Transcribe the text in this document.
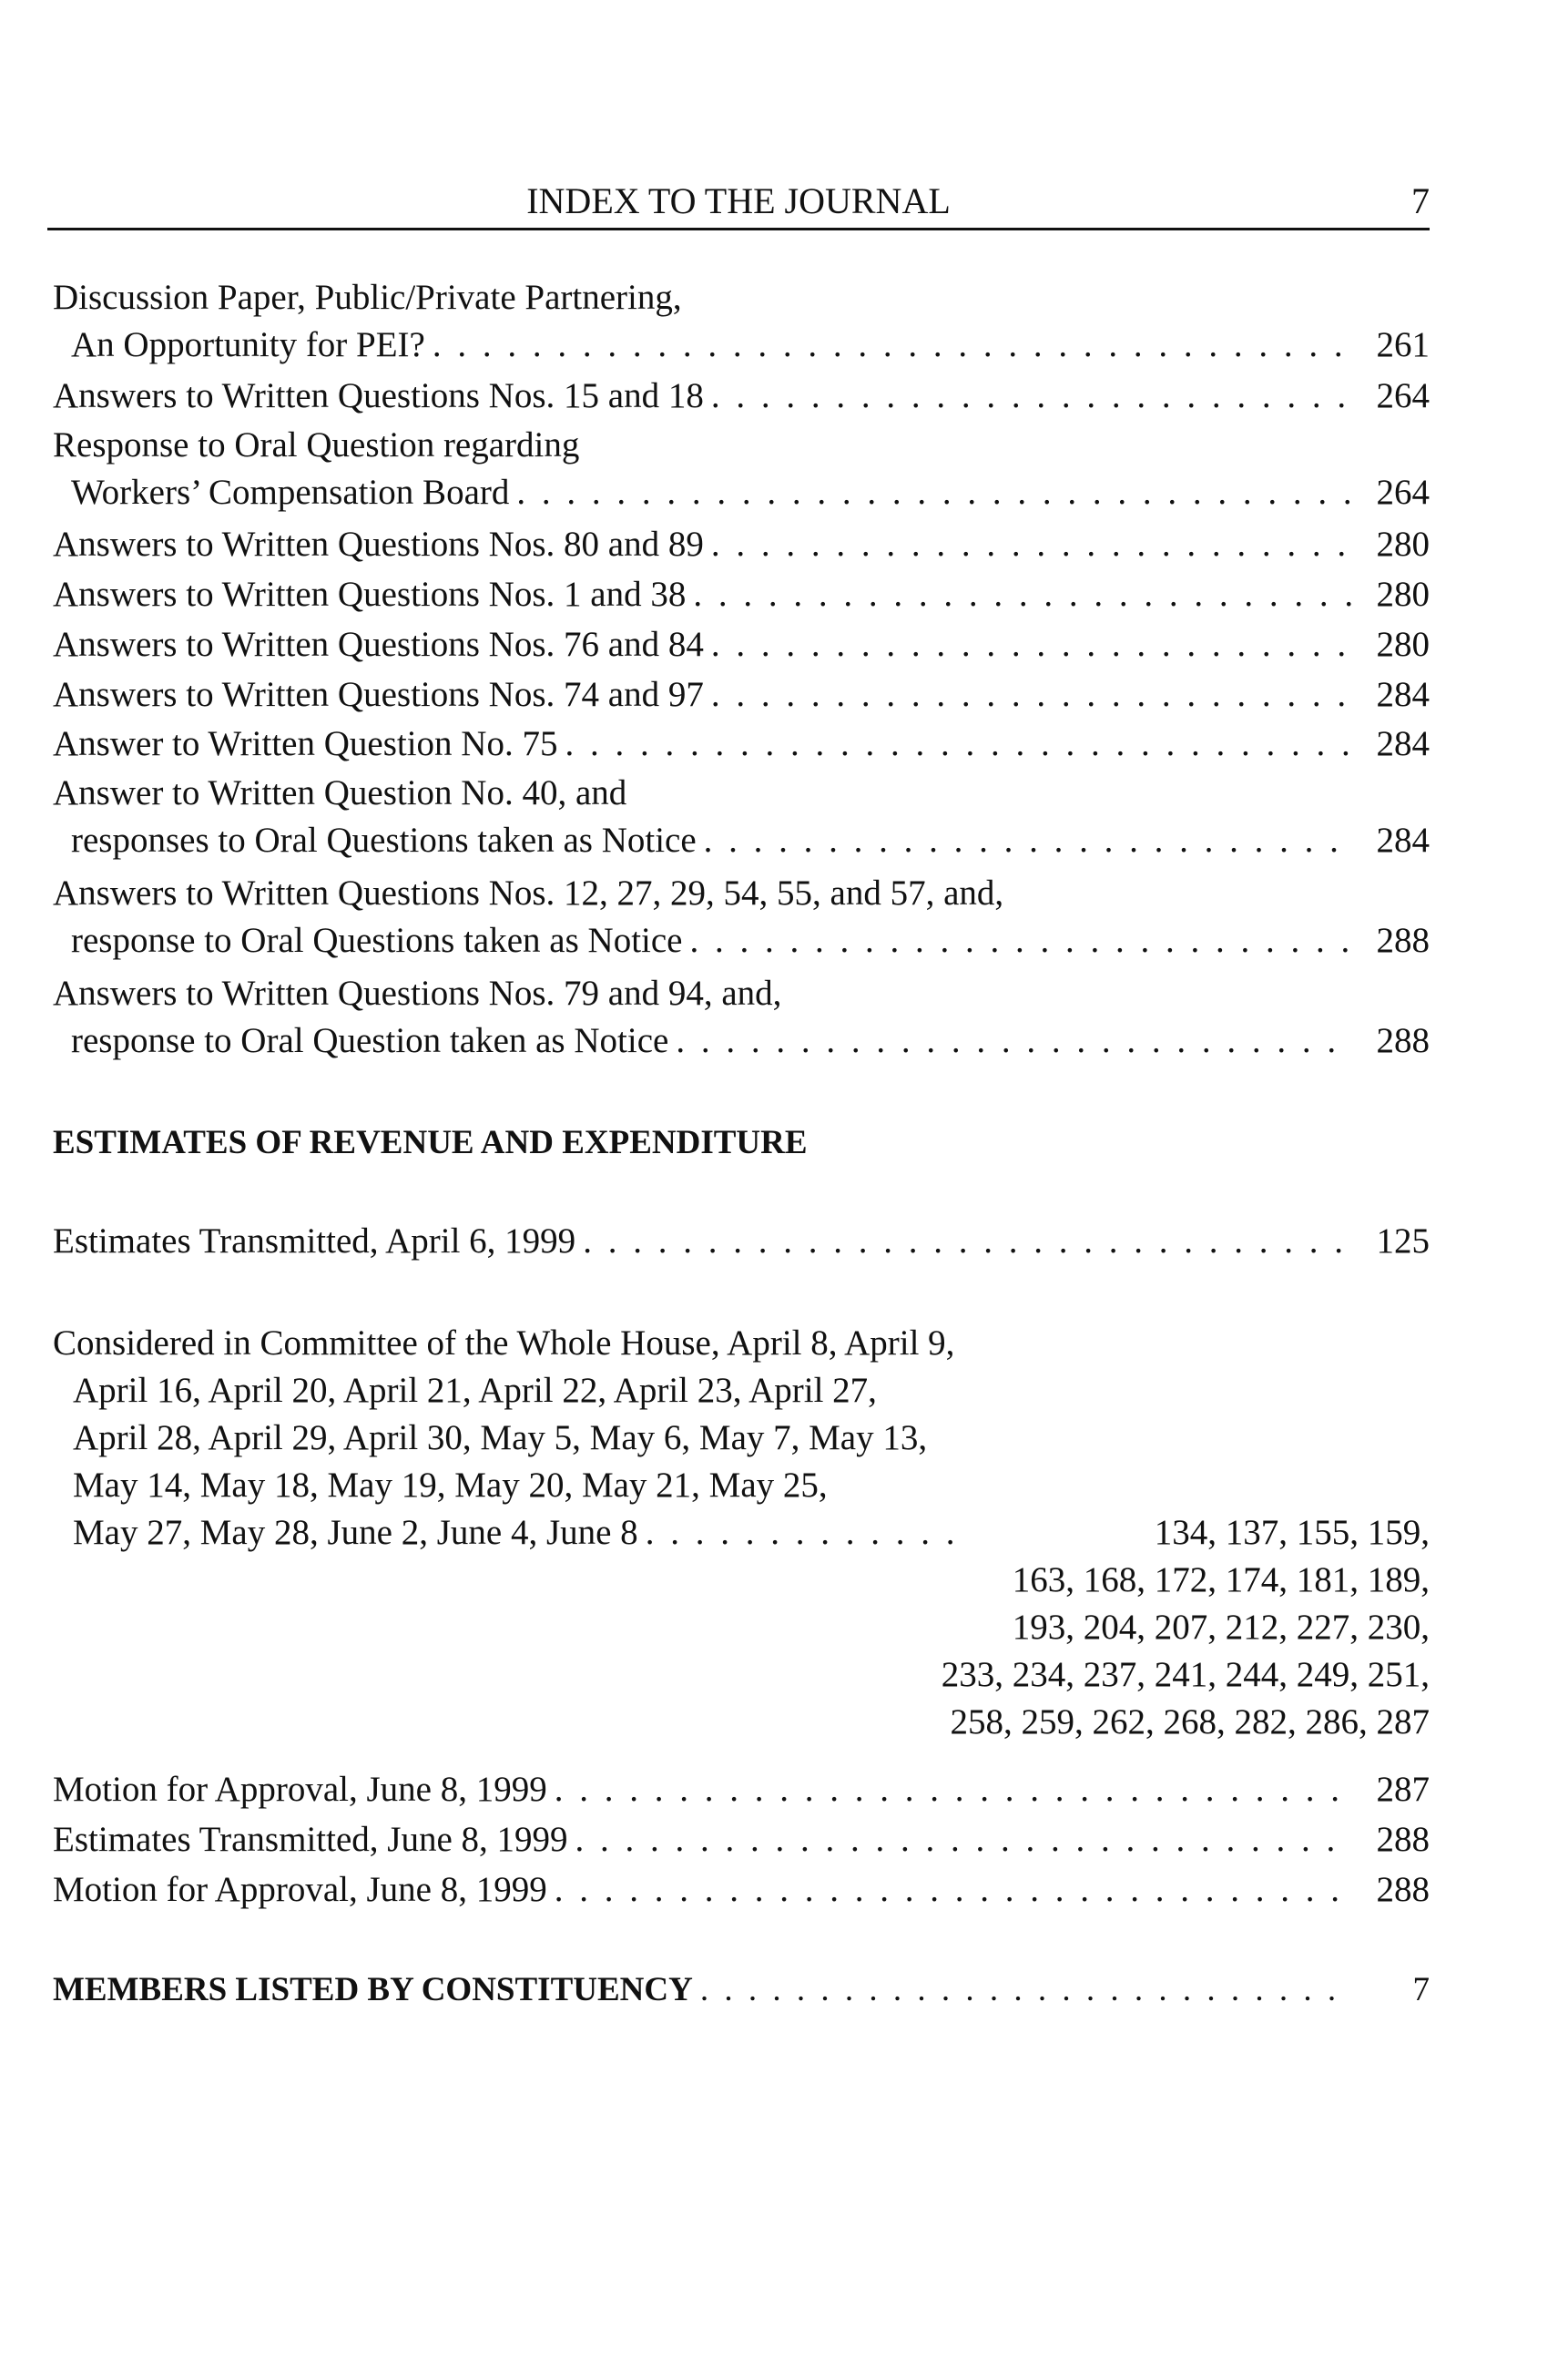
INDEX TO THE JOURNAL	7
Discussion Paper, Public/Private Partnering,
An Opportunity for PEI? . . .	261
Answers to Written Questions Nos. 15 and 18 . . .	264
Response to Oral Question regarding
Workers’ Compensation Board . . .	264
Answers to Written Questions Nos. 80 and 89 . . .	280
Answers to Written Questions Nos. 1 and 38 . . .	280
Answers to Written Questions Nos. 76 and 84 . . .	280
Answers to Written Questions Nos. 74 and 97 . . .	284
Answer to Written Question No. 75 . . .	284
Answer to Written Question No. 40, and
responses to Oral Questions taken as Notice . . .	284
Answers to Written Questions Nos. 12, 27, 29, 54, 55, and 57, and,
response to Oral Questions taken as Notice . . .	288
Answers to Written Questions Nos. 79 and 94, and,
response to Oral Question taken as Notice . . .	288
ESTIMATES OF REVENUE AND EXPENDITURE
Estimates Transmitted, April 6, 1999 . . .	125
Considered in Committee of the Whole House, April 8, April 9,
April 16, April 20, April 21, April 22, April 23, April 27,
April 28, April 29, April 30, May 5, May 6, May 7, May 13,
May 14, May 18, May 19, May 20, May 21, May 25,
May 27, May 28, June 2, June 4, June 8 . . .	134, 137, 155, 159,
163, 168, 172, 174, 181, 189,
193, 204, 207, 212, 227, 230,
233, 234, 237, 241, 244, 249, 251,
258, 259, 262, 268, 282, 286, 287
Motion for Approval, June 8, 1999 . . .	287
Estimates Transmitted, June 8, 1999 . . .	288
Motion for Approval, June 8, 1999 . . .	288
MEMBERS LISTED BY CONSTITUENCY . . .	7
